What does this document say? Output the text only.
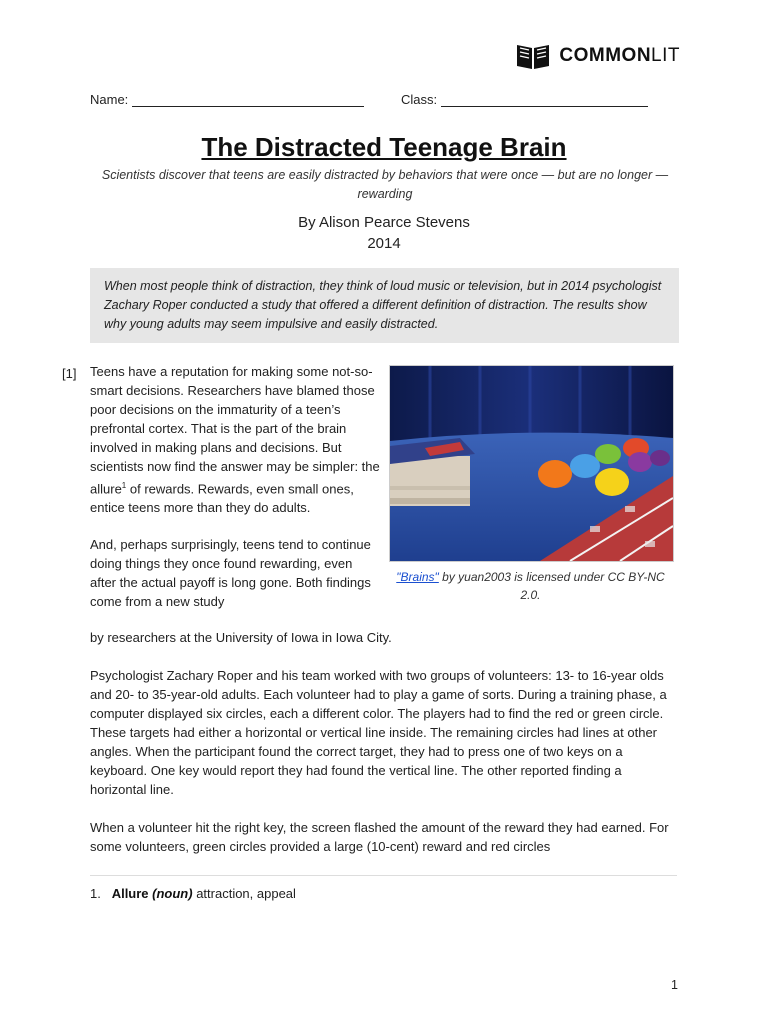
COMMONLIT
Name:	Class:
The Distracted Teenage Brain
Scientists discover that teens are easily distracted by behaviors that were once — but are no longer — rewarding
By Alison Pearce Stevens
2014
When most people think of distraction, they think of loud music or television, but in 2014 psychologist Zachary Roper conducted a study that offered a different definition of distraction. The results show why young adults may seem impulsive and easily distracted.
[1] Teens have a reputation for making some not-so-smart decisions. Researchers have blamed those poor decisions on the immaturity of a teen’s prefrontal cortex. That is the part of the brain involved in making plans and decisions. But scientists now find the answer may be simpler: the allure$^1$ of rewards. Rewards, even small ones, entice teens more than they do adults.

And, perhaps surprisingly, teens tend to continue doing things they once found rewarding, even after the actual payoff is long gone. Both findings come from a new study

by researchers at the University of Iowa in Iowa City.
"Brains" by yuan2003 is licensed under CC BY-NC 2.0.
Psychologist Zachary Roper and his team worked with two groups of volunteers: 13- to 16-year olds and 20- to 35-year-old adults. Each volunteer had to play a game of sorts. During a training phase, a computer displayed six circles, each a different color. The players had to find the red or green circle. These targets had either a horizontal or vertical line inside. The remaining circles had lines at other angles. When the participant found the correct target, they had to press one of two keys on a keyboard. One key would report they had found the vertical line. The other reported finding a horizontal line.
When a volunteer hit the right key, the screen flashed the amount of the reward they had earned. For some volunteers, green circles provided a large (10-cent) reward and red circles
1. Allure (noun) attraction, appeal
1
